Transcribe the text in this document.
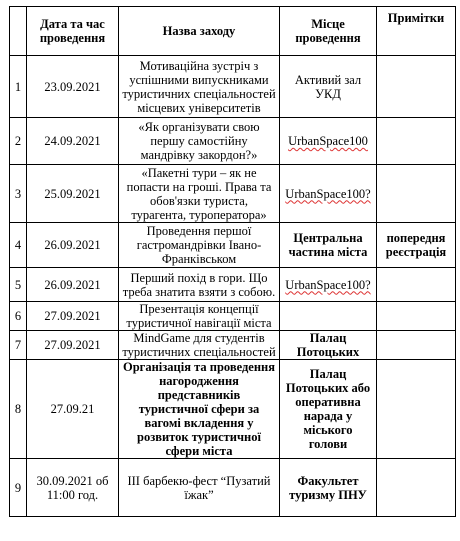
	Дата та час проведення	Назва заходу	Місце проведення	Примітки
1	23.09.2021	Мотиваційна зустріч з успішними випускниками туристичних спеціальностей місцевих університетів	Активий зал УКД	
2	24.09.2021	«Як організувати свою першу самостійну мандрівку закордон?»	UrbanSpace100	
3	25.09.2021	«Пакетні тури – як не попасти на гроші. Права та обов'язки туриста, турагента, туроператора»	UrbanSpace100?	
4	26.09.2021	Проведення першої гастромандрівки Івано-Франківськом	Центральна частина міста	попередня реєстрація
5	26.09.2021	Перший похід в гори. Що треба знатита взяти з собою.	UrbanSpace100?	
6	27.09.2021	Презентація концепції туристичної навігації міста		
7	27.09.2021	MindGame для студентів туристичних спеціальностей	Палац Потоцьких	
8	27.09.21	Організація та проведення нагородження представників туристичної сфери за вагомі вкладення у розвиток туристичної сфери міста	Палац Потоцьких або оперативна нарада у міського голови	
9	30.09.2021 об 11:00 год.	ІІІ барбекю-фест “Пузатий їжак”	Факультет туризму ПНУ	
